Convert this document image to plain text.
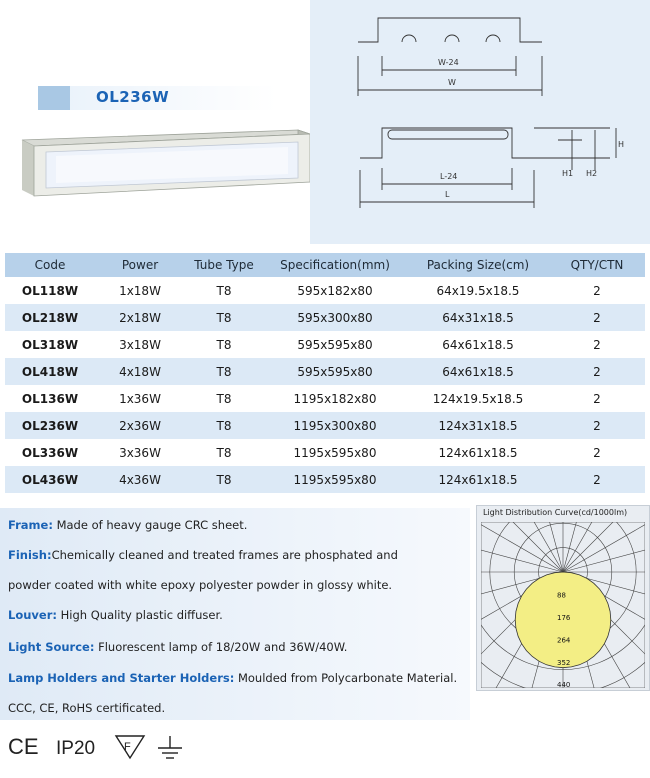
OL236W
W-24
W
L-24
L
H1 H2
H
Code	Power	Tube Type	Specification(mm)	Packing Size(cm)	QTY/CTN
OL118W	1x18W	T8	595x182x80	64x19.5x18.5	2
OL218W	2x18W	T8	595x300x80	64x31x18.5	2
OL318W	3x18W	T8	595x595x80	64x61x18.5	2
OL418W	4x18W	T8	595x595x80	64x61x18.5	2
OL136W	1x36W	T8	1195x182x80	124x19.5x18.5	2
OL236W	2x36W	T8	1195x300x80	124x31x18.5	2
OL336W	3x36W	T8	1195x595x80	124x61x18.5	2
OL436W	4x36W	T8	1195x595x80	124x61x18.5	2
Frame: Made of heavy gauge CRC sheet.
Finish:Chemically cleaned and treated frames are phosphated and
powder coated with white epoxy polyester powder in glossy white.
Louver: High Quality plastic diffuser.
Light Source: Fluorescent lamp of 18/20W and 36W/40W.
Lamp Holders and Starter Holders: Moulded from Polycarbonate Material.
CCC, CE, RoHS certificated.
Light Distribution Curve(cd/1000lm)
88
176
264
352
440
CE IP20	F
